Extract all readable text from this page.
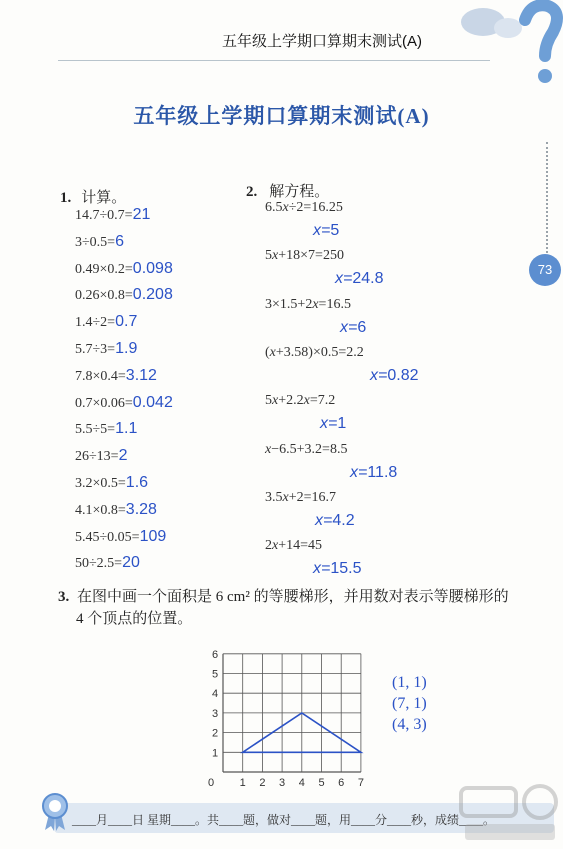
五年级上学期口算期末测试(A)
73
五年级上学期口算期末测试(A)
1. 计算。
14.7÷0.7=21
3÷0.5=6
0.49×0.2=0.098
0.26×0.8=0.208
1.4÷2=0.7
5.7÷3=1.9
7.8×0.4=3.12
0.7×0.06=0.042
5.5÷5=1.1
26÷13=2
3.2×0.5=1.6
4.1×0.8=3.28
5.45÷0.05=109
50÷2.5=20
2. 解方程。
6.5x÷2=16.25
x=5
5x+18×7=250
x=24.8
3×1.5+2x=16.5
x=6
(x+3.58)×0.5=2.2
x=0.82
5x+2.2x=7.2
x=1
x−6.5+3.2=8.5
x=11.8
3.5x+2=16.7
x=4.2
2x+14=45
x=15.5
3. 在图中画一个面积是 6 cm² 的等腰梯形，并用数对表示等腰梯形的
4 个顶点的位置。
0 1 2 3 4 5 6 7
1
2
3
4
5
6
(1, 1)
(7, 1)
(4, 3)
____月____日 星期____。共____题，做对____题，用____分____秒，成绩____。
